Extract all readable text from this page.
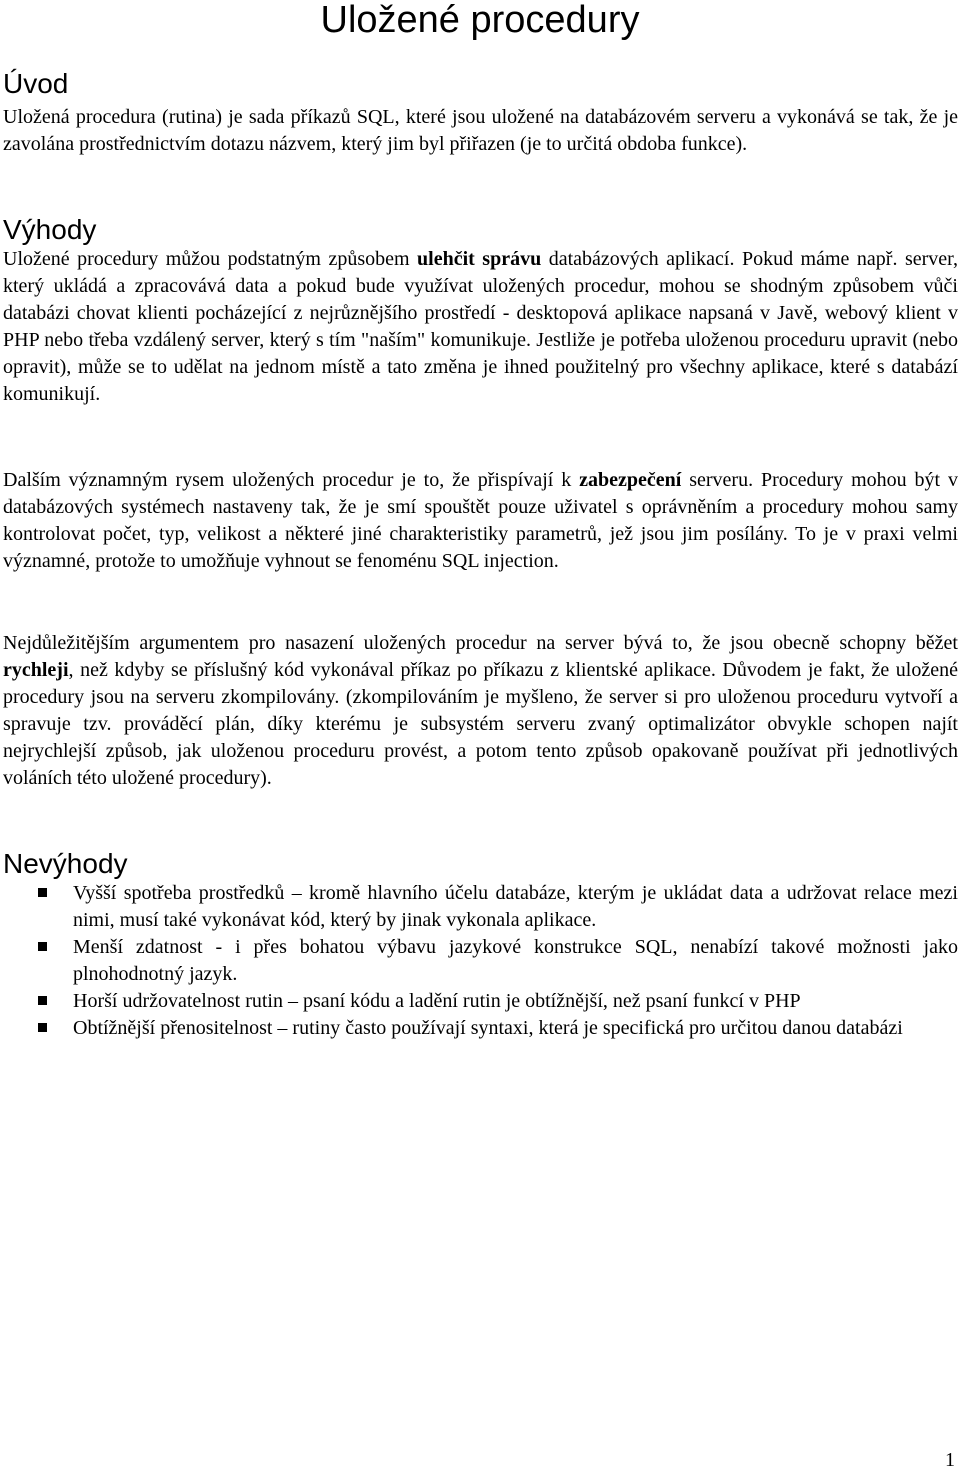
Uložené procedury
Úvod

Uložená procedura (rutina) je sada příkazů SQL, které jsou uložené na databázovém serveru a vykonává se tak, že je zavolána prostřednictvím dotazu názvem, který jim byl přiřazen (je to určitá obdoba funkce).

Výhody

Uložené procedury můžou podstatným způsobem ulehčit správu databázových aplikací. Pokud máme např. server, který ukládá a zpracovává data a pokud bude využívat uložených procedur, mohou se shodným způsobem vůči databázi chovat klienti pocházející z nejrůznějšího prostředí - desktopová aplikace napsaná v Javě, webový klient v PHP nebo třeba vzdálený server, který s tím "naším" komunikuje. Jestliže je potřeba uloženou proceduru upravit (nebo opravit), může se to udělat na jednom místě a tato změna je ihned použitelný pro všechny aplikace, které s databází komunikují.

Dalším významným rysem uložených procedur je to, že přispívají k zabezpečení serveru. Procedury mohou být v databázových systémech nastaveny tak, že je smí spouštět pouze uživatel s oprávněním a procedury mohou samy kontrolovat počet, typ, velikost a některé jiné charakteristiky parametrů, jež jsou jim posílány. To je v praxi velmi významné, protože to umožňuje vyhnout se fenoménu SQL injection.

Nejdůležitějším argumentem pro nasazení uložených procedur na server bývá to, že jsou obecně schopny běžet rychleji, než kdyby se příslušný kód vykonával příkaz po příkazu z klientské aplikace. Důvodem je fakt, že uložené procedury jsou na serveru zkompilovány. (zkompilováním je myšleno, že server si pro uloženou proceduru vytvoří a spravuje tzv. prováděcí plán, díky kterému je subsystém serveru zvaný optimalizátor obvykle schopen najít nejrychlejší způsob, jak uloženou proceduru provést, a potom tento způsob opakovaně používat při jednotlivých voláních této uložené procedury).

Nevýhody
Vyšší spotřeba prostředků – kromě hlavního účelu databáze, kterým je ukládat data a udržovat relace mezi nimi, musí také vykonávat kód, který by jinak vykonala aplikace.
Menší zdatnost - i přes bohatou výbavu jazykové konstrukce SQL, nenabízí takové možnosti jako plnohodnotný jazyk.
Horší udržovatelnost rutin – psaní kódu a ladění rutin je obtížnější, než psaní funkcí v PHP
Obtížnější přenositelnost – rutiny často používají syntaxi, která je specifická pro určitou danou databázi
1
